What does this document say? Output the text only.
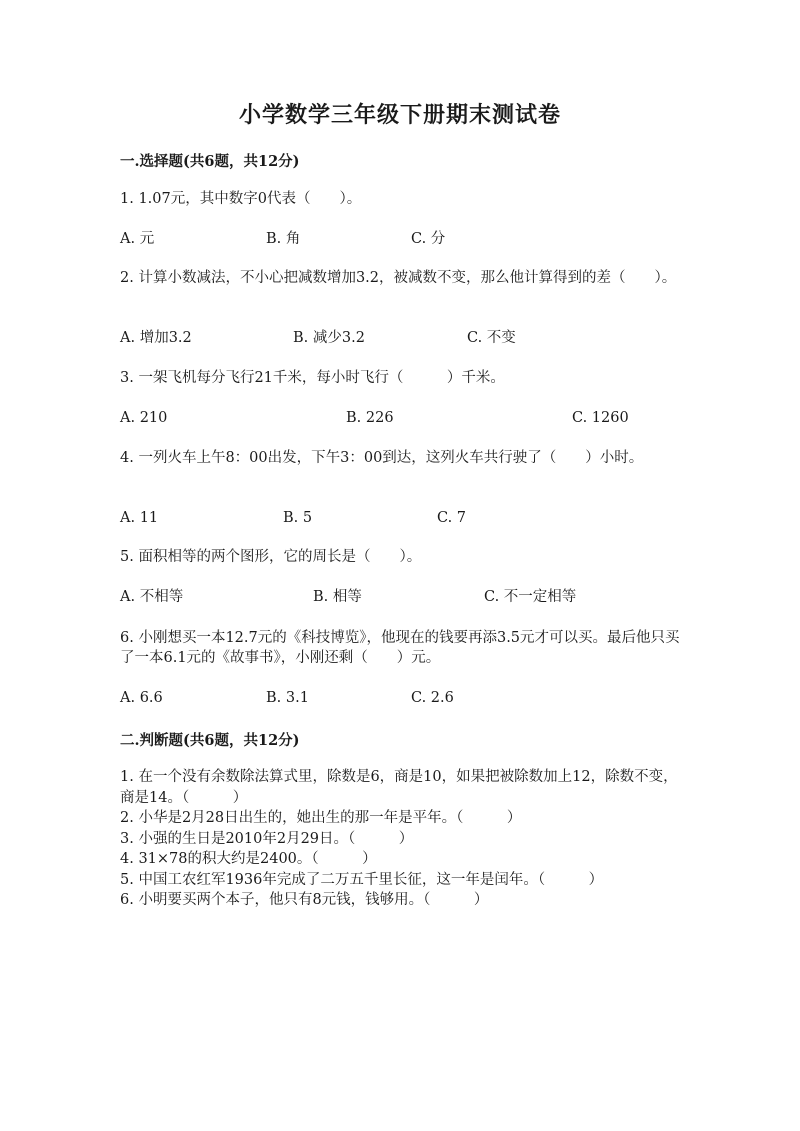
小学数学三年级下册期末测试卷
一.选择题(共6题，共12分)
1. 1.07元，其中数字0代表（　　）。
A. 元	B. 角	C. 分
2. 计算小数减法，不小心把减数增加3.2，被减数不变，那么他计算得到的差（　　）。
A. 增加3.2	B. 减少3.2	C. 不变
3. 一架飞机每分飞行21千米，每小时飞行（　　　）千米。
A. 210	B. 226	C. 1260
4. 一列火车上午8：00出发，下午3：00到达，这列火车共行驶了（　　）小时。
A. 11	B. 5	C. 7
5. 面积相等的两个图形，它的周长是（　　）。
A. 不相等	B. 相等	C. 不一定相等
6. 小刚想买一本12.7元的《科技博览》，他现在的钱要再添3.5元才可以买。最后他只买了一本6.1元的《故事书》，小刚还剩（　　）元。
A. 6.6	B. 3.1	C. 2.6
二.判断题(共6题，共12分)
1. 在一个没有余数除法算式里，除数是6，商是10，如果把被除数加上12，除数不变，商是14。（　　　）
2. 小华是2月28日出生的，她出生的那一年是平年。（　　　）
3. 小强的生日是2010年2月29日。（　　　）
4. 31×78的积大约是2400。（　　　）
5. 中国工农红军1936年完成了二万五千里长征，这一年是闰年。（　　　）
6. 小明要买两个本子，他只有8元钱，钱够用。（　　　）
